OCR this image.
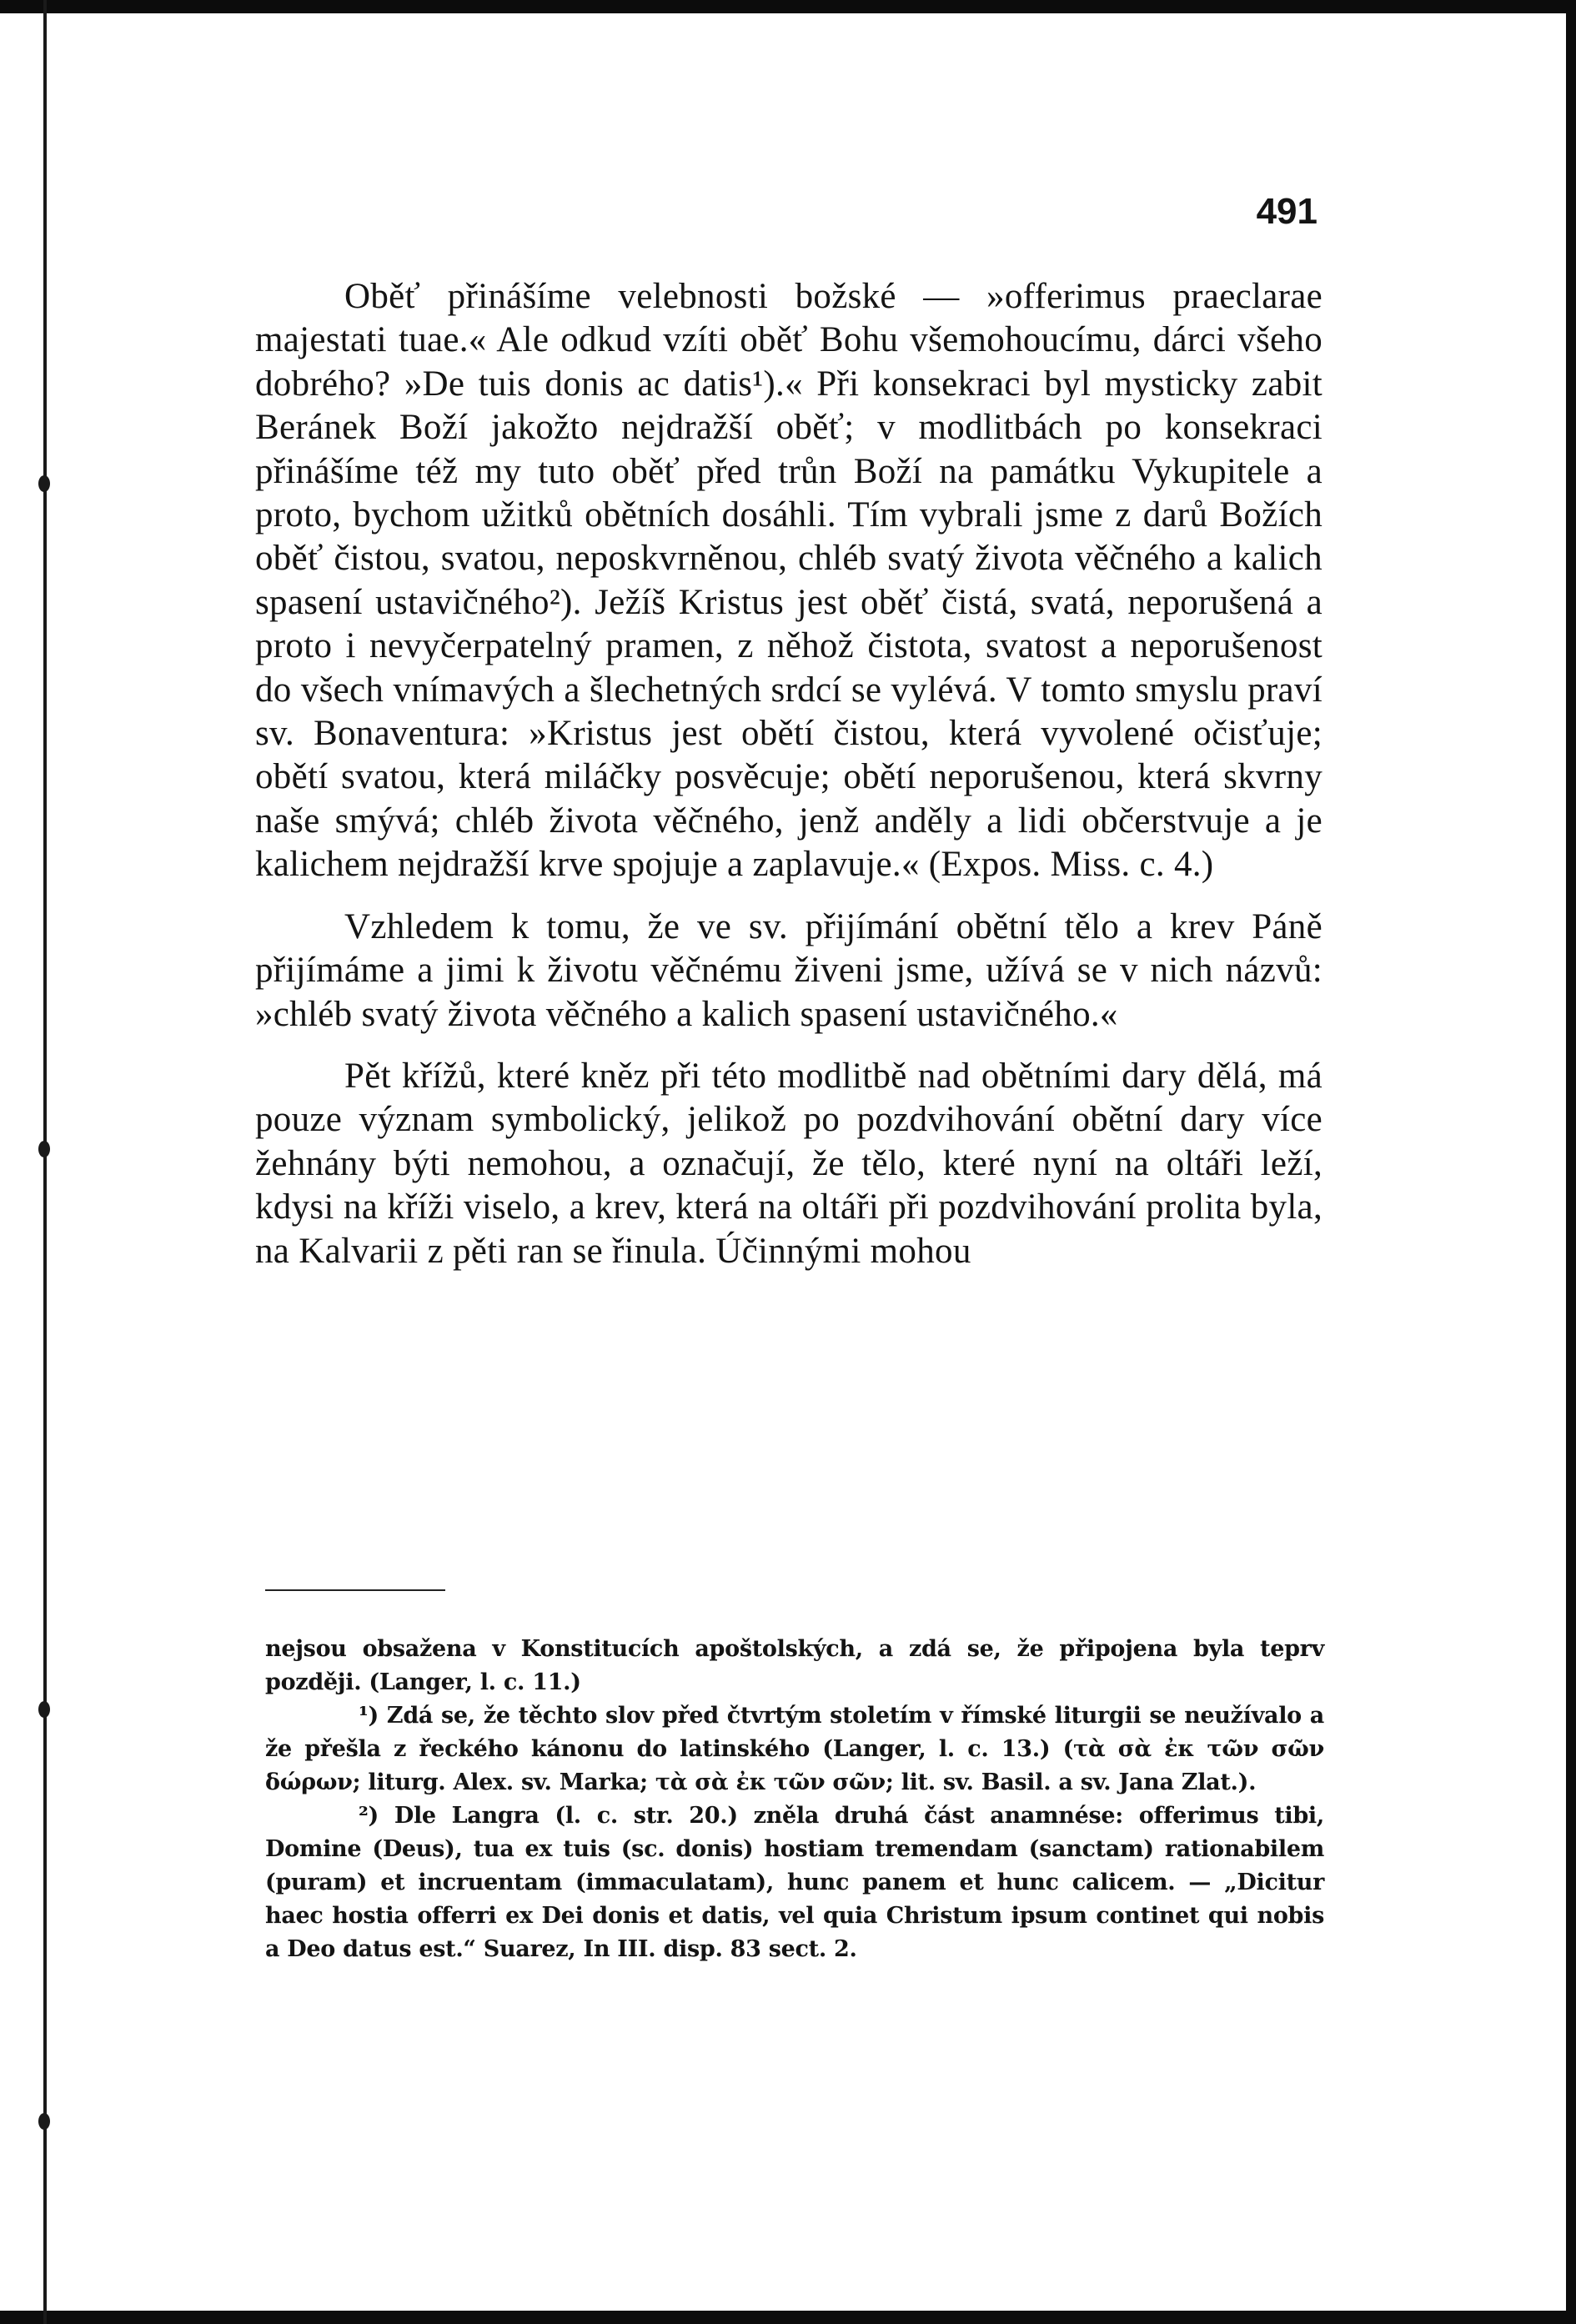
491

Oběť přinášíme velebnosti božské — »offerimus praeclarae majestati tuae.« Ale odkud vzíti oběť Bohu všemohoucímu, dárci všeho dobrého? »De tuis donis ac datis¹).« Při konsekraci byl mysticky zabit Beránek Boží jakožto nejdražší oběť; v modlitbách po konsekraci přinášíme též my tuto oběť před trůn Boží na památku Vykupitele a proto, bychom užitků obětních dosáhli. Tím vybrali jsme z darů Božích oběť čistou, svatou, neposkvrněnou, chléb svatý života věčného a kalich spasení ustavičného²). Ježíš Kristus jest oběť čistá, svatá, neporušená a proto i nevyčerpatelný pramen, z něhož čistota, svatost a neporušenost do všech vnímavých a šlechetných srdcí se vylévá. V tomto smyslu praví sv. Bonaventura: »Kristus jest obětí čistou, která vyvolené očisťuje; obětí svatou, která miláčky posvěcuje; obětí neporušenou, která skvrny naše smývá; chléb života věčného, jenž anděly a lidi občerstvuje a je kalichem nejdražší krve spojuje a zaplavuje.« (Expos. Miss. c. 4.)

Vzhledem k tomu, že ve sv. přijímání obětní tělo a krev Páně přijímáme a jimi k životu věčnému živeni jsme, užívá se v nich názvů: »chléb svatý života věčného a kalich spasení ustavičného.«

Pět křížů, které kněz při této modlitbě nad obětními dary dělá, má pouze význam symbolický, jelikož po pozdvihování obětní dary více žehnány býti nemohou, a označují, že tělo, které nyní na oltáři leží, kdysi na kříži viselo, a krev, která na oltáři při pozdvihování prolita byla, na Kalvarii z pěti ran se řinula. Účinnými mohou

nejsou obsažena v Konstitucích apoštolských, a zdá se, že připojena byla teprv později. (Langer, l. c. 11.)

¹) Zdá se, že těchto slov před čtvrtým stoletím v římské liturgii se neužívalo a že přešla z řeckého kánonu do latinského (Langer, l. c. 13.) (τὰ σὰ ἐκ τῶν σῶν δώρων; liturg. Alex. sv. Marka; τὰ σὰ ἐκ τῶν σῶν; lit. sv. Basil. a sv. Jana Zlat.).

²) Dle Langra (l. c. str. 20.) zněla druhá část anamnése: offerimus tibi, Domine (Deus), tua ex tuis (sc. donis) hostiam tremendam (sanctam) rationabilem (puram) et incruentam (immaculatam), hunc panem et hunc calicem. — „Dicitur haec hostia offerri ex Dei donis et datis, vel quia Christum ipsum continet qui nobis a Deo datus est.“ Suarez, In III. disp. 83 sect. 2.
